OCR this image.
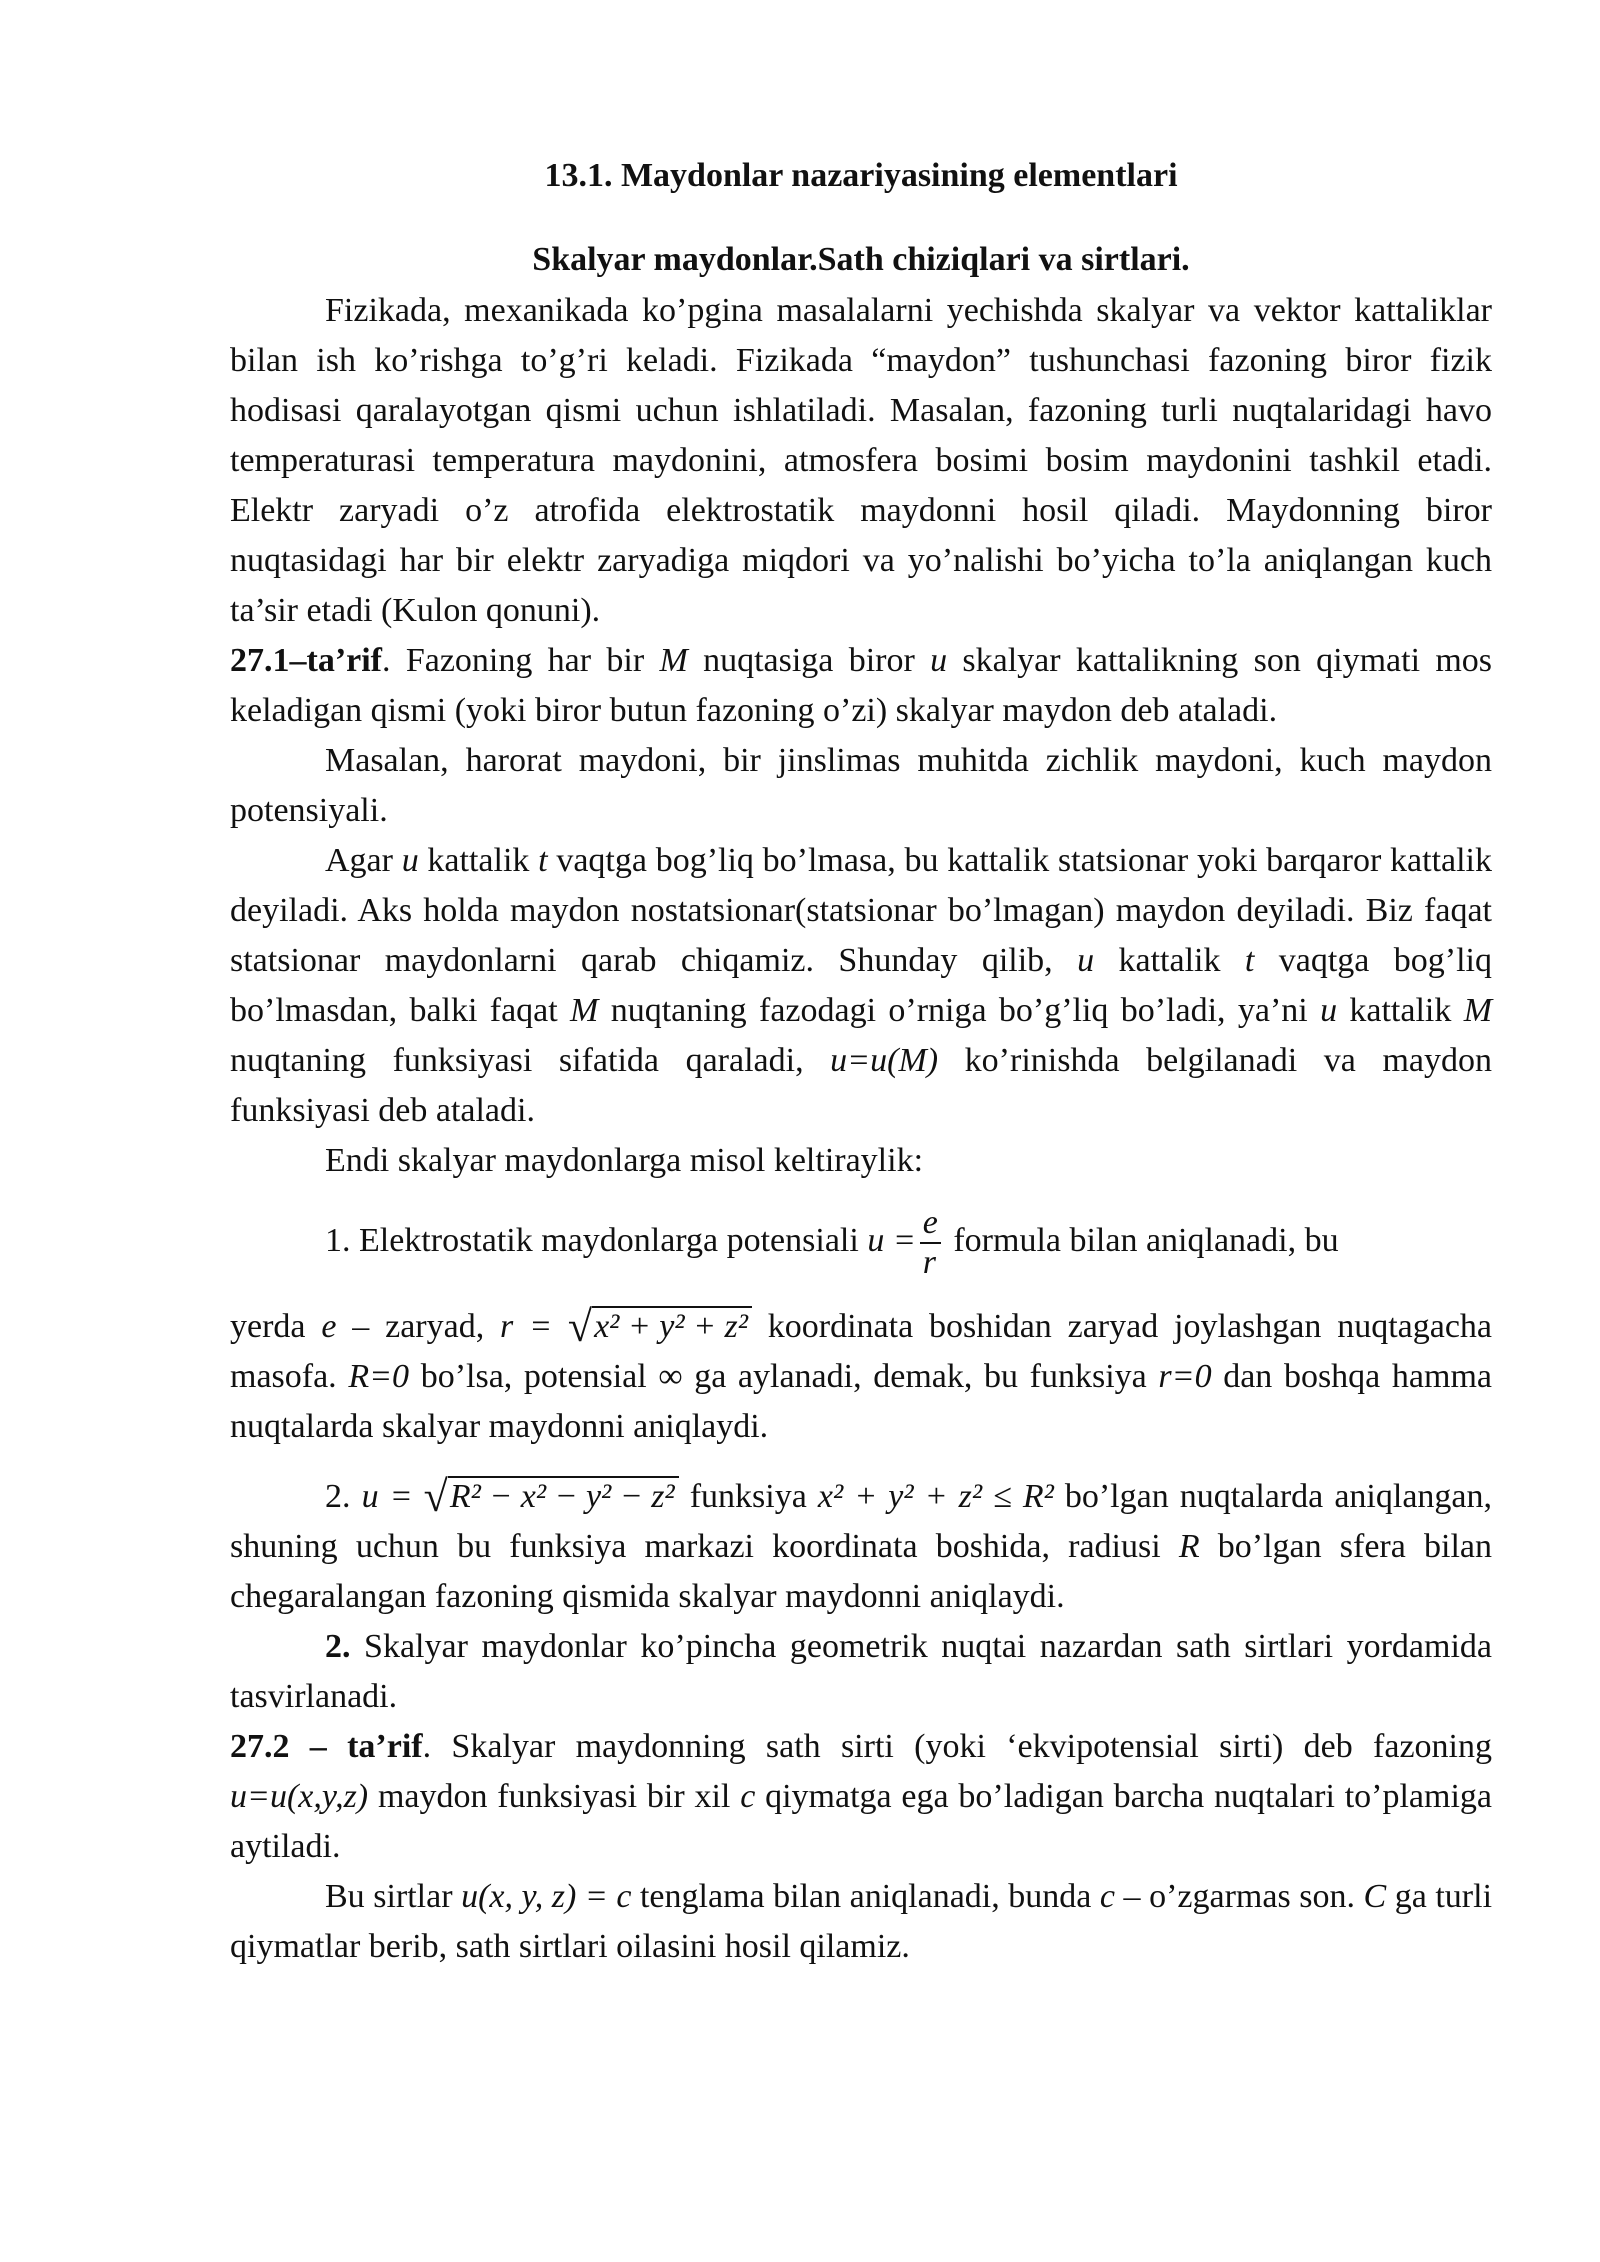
13.1. Maydonlar nazariyasining elementlari
Skalyar maydonlar.Sath chiziqlari va sirtlari.

Fizikada, mexanikada ko’pgina masalalarni yechishda skalyar va vektor kattaliklar bilan ish ko’rishga to’g’ri keladi. Fizikada “maydon” tushunchasi fazoning biror fizik hodisasi qaralayotgan qismi uchun ishlatiladi. Masalan, fazoning turli nuqtalaridagi havo temperaturasi temperatura maydonini, atmosfera bosimi bosim maydonini tashkil etadi. Elektr zaryadi o’z atrofida elektrostatik maydonni hosil qiladi. Maydonning biror nuqtasidagi har bir elektr zaryadiga miqdori va yo’nalishi bo’yicha to’la aniqlangan kuch ta’sir etadi (Kulon qonuni).

27.1–ta’rif. Fazoning har bir M nuqtasiga biror u skalyar kattalikning son qiymati mos keladigan qismi (yoki biror butun fazoning o’zi) skalyar maydon deb ataladi.

Masalan, harorat maydoni, bir jinslimas muhitda zichlik maydoni, kuch maydon potensiyali.

Agar u kattalik t vaqtga bog’liq bo’lmasa, bu kattalik statsionar yoki barqaror kattalik deyiladi. Aks holda maydon nostatsionar(statsionar bo’lmagan) maydon deyiladi. Biz faqat statsionar maydonlarni qarab chiqamiz. Shunday qilib, u kattalik t vaqtga bog’liq bo’lmasdan, balki faqat M nuqtaning fazodagi o’rniga bo’g’liq bo’ladi, ya’ni u kattalik M nuqtaning funksiyasi sifatida qaraladi, u=u(M) ko’rinishda belgilanadi va maydon funksiyasi deb ataladi.

Endi skalyar maydonlarga misol keltiraylik:

1. Elektrostatik maydonlarga potensiali $u = \frac{e}{r}$ formula bilan aniqlanadi, bu

yerda e – zaryad, r = √x² + y² + z² koordinata boshidan zaryad joylashgan nuqtagacha masofa. R=0 bo’lsa, potensial ∞ ga aylanadi, demak, bu funksiya r=0 dan boshqa hamma nuqtalarda skalyar maydonni aniqlaydi.

2. u = √R² − x² − y² − z² funksiya x² + y² + z² ≤ R² bo’lgan nuqtalarda aniqlangan, shuning uchun bu funksiya markazi koordinata boshida, radiusi R bo’lgan sfera bilan chegaralangan fazoning qismida skalyar maydonni aniqlaydi.

2. Skalyar maydonlar ko’pincha geometrik nuqtai nazardan sath sirtlari yordamida tasvirlanadi.

27.2 – ta’rif. Skalyar maydonning sath sirti (yoki ‘ekvipotensial sirti) deb fazoning u=u(x,y,z) maydon funksiyasi bir xil c qiymatga ega bo’ladigan barcha nuqtalari to’plamiga aytiladi.

Bu sirtlar u(x, y, z) = c tenglama bilan aniqlanadi, bunda c – o’zgarmas son. C ga turli qiymatlar berib, sath sirtlari oilasini hosil qilamiz.
